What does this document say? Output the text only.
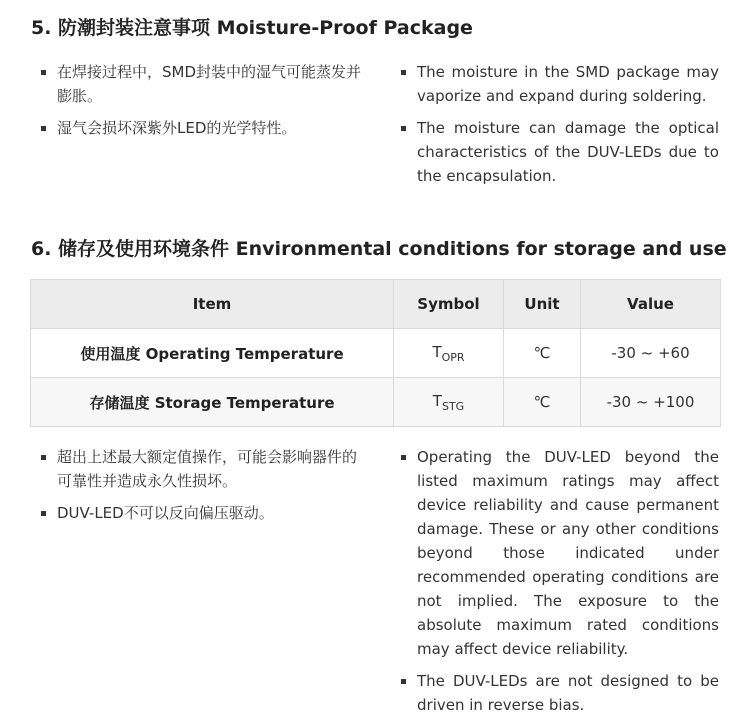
5. 防潮封装注意事项 Moisture-Proof Package
在焊接过程中，SMD封装中的湿气可能蒸发并膨胀。
湿气会损坏深紫外LED的光学特性。
The moisture in the SMD package may vaporize and expand during soldering.
The moisture can damage the optical characteristics of the DUV-LEDs due to the encapsulation.
6. 储存及使用环境条件 Environmental conditions for storage and use
Item	Symbol	Unit	Value
使用温度 Operating Temperature	$T_{OPR}$	℃	-30 ~ +60
存储温度 Storage Temperature	$T_{STG}$	℃	-30 ~ +100
超出上述最大额定值操作，可能会影响器件的可靠性并造成永久性损坏。
DUV-LED不可以反向偏压驱动。
Operating the DUV-LED beyond the listed maximum ratings may affect device reliability and cause permanent damage. These or any other conditions beyond those indicated under recommended operating conditions are not implied. The exposure to the absolute maximum rated conditions may affect device reliability.
The DUV-LEDs are not designed to be driven in reverse bias.
